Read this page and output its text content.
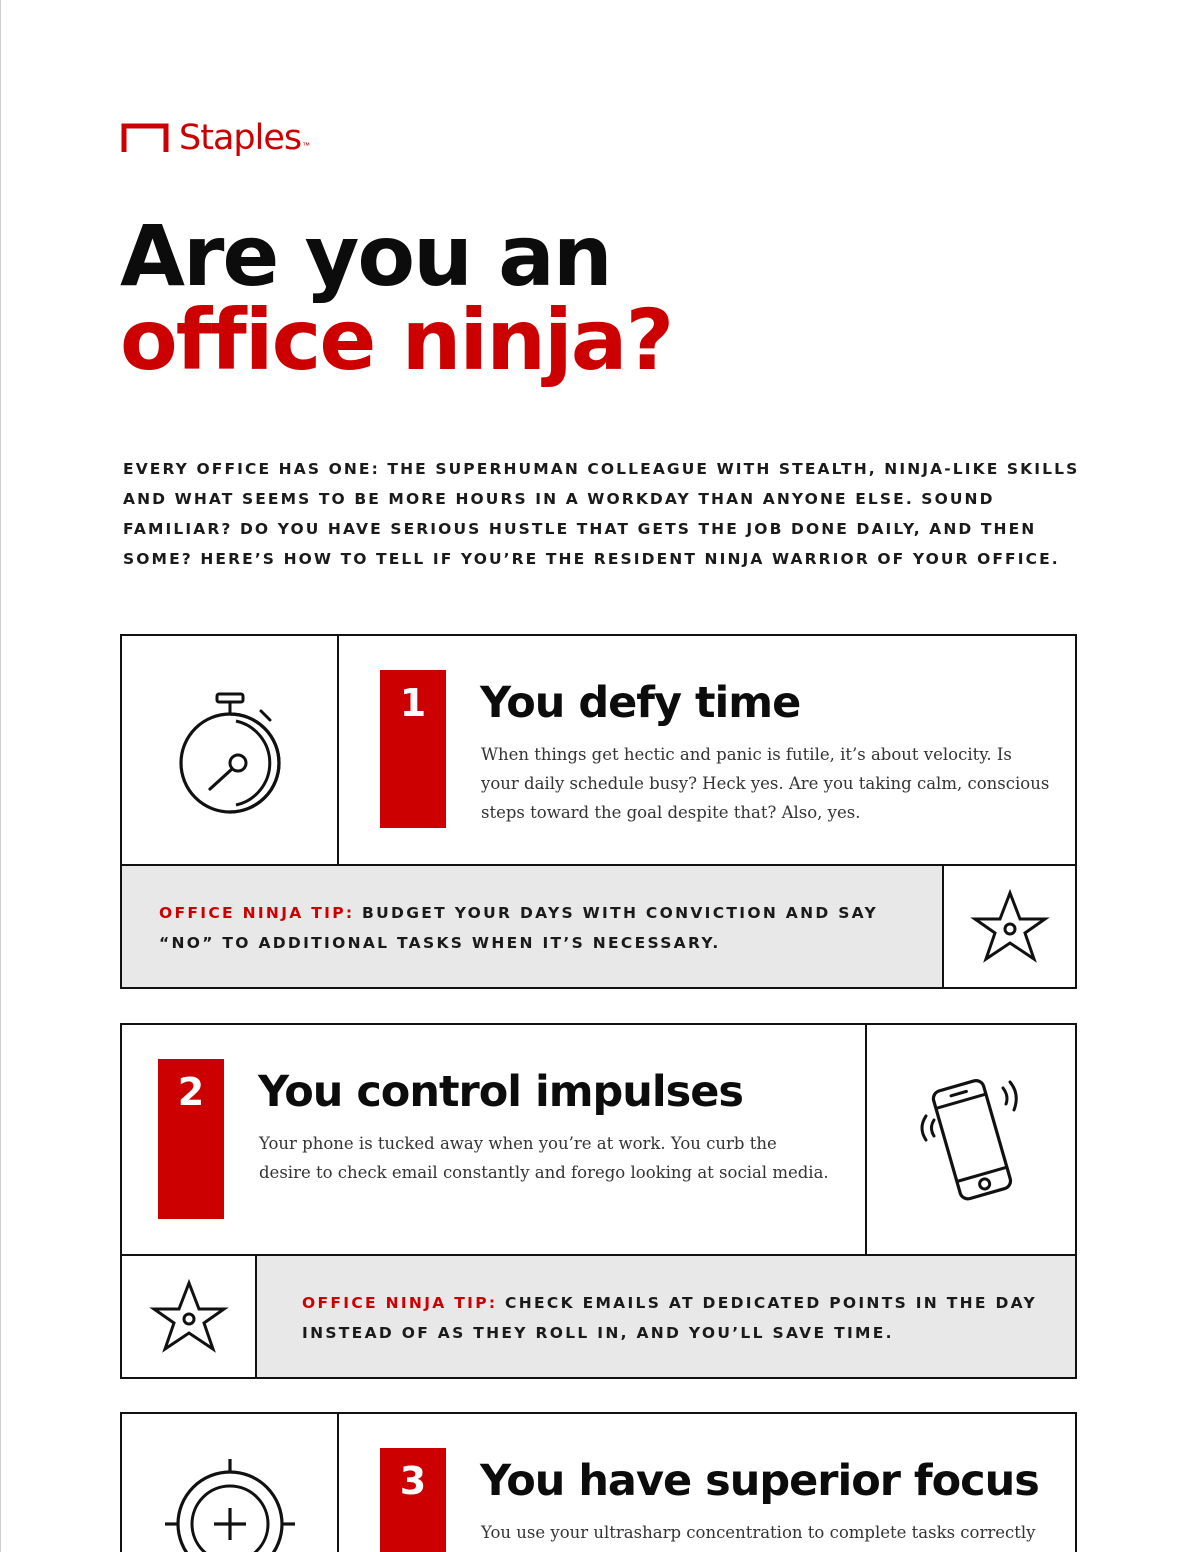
Staples ™
Are you an
office ninja?

EVERY OFFICE HAS ONE: THE SUPERHUMAN COLLEAGUE WITH STEALTH, NINJA-LIKE SKILLS AND WHAT SEEMS TO BE MORE HOURS IN A WORKDAY THAN ANYONE ELSE. SOUND FAMILIAR? DO YOU HAVE SERIOUS HUSTLE THAT GETS THE JOB DONE DAILY, AND THEN SOME? HERE’S HOW TO TELL IF YOU’RE THE RESIDENT NINJA WARRIOR OF YOUR OFFICE.

1	You defy time

When things get hectic and panic is futile, it’s about velocity. Is your daily schedule busy? Heck yes. Are you taking calm, conscious steps toward the goal despite that? Also, yes.

OFFICE NINJA TIP: BUDGET YOUR DAYS WITH CONVICTION AND SAY “NO” TO ADDITIONAL TASKS WHEN IT’S NECESSARY.

2	You control impulses

Your phone is tucked away when you’re at work. You curb the desire to check email constantly and forego looking at social media.

OFFICE NINJA TIP: CHECK EMAILS AT DEDICATED POINTS IN THE DAY INSTEAD OF AS THEY ROLL IN, AND YOU’LL SAVE TIME.

3	You have superior focus

You use your ultrasharp concentration to complete tasks correctly
